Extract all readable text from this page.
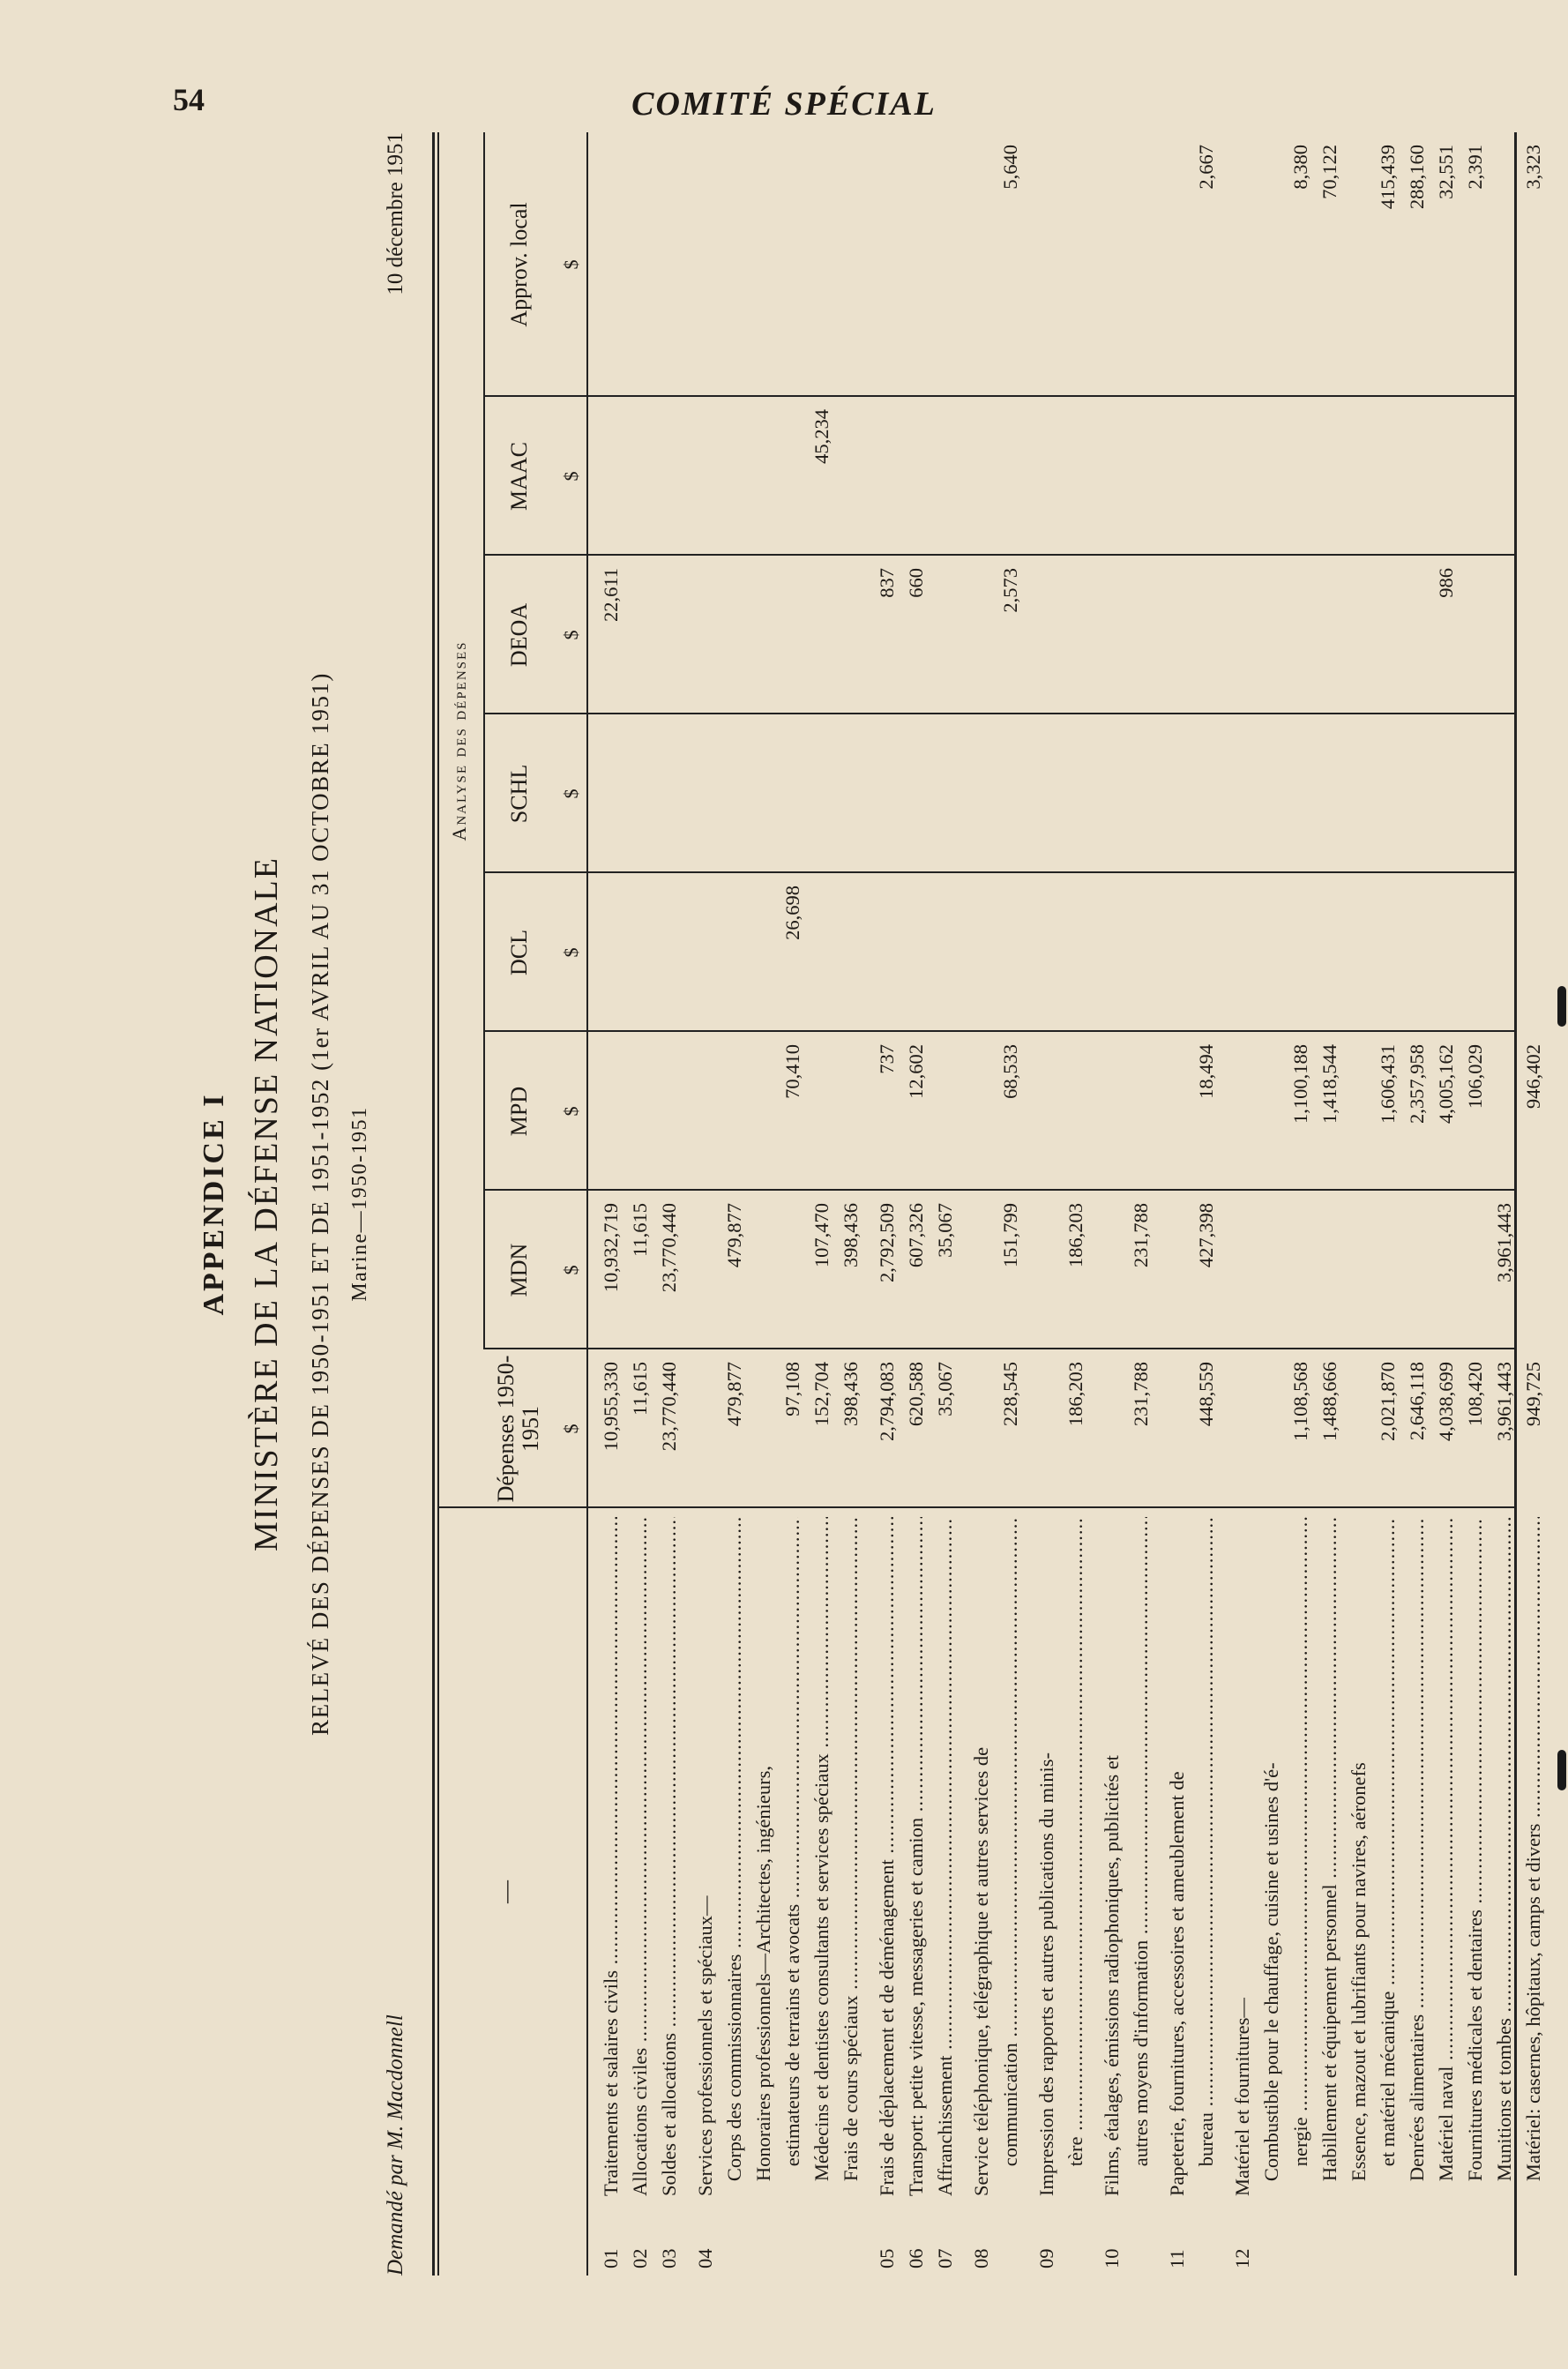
54	COMITÉ SPÉCIAL
APPENDICE I MINISTÈRE DE LA DÉFENSE NATIONALE RELEVÉ DES DÉPENSES DE 1950-1951 ET DE 1951-1952 (1er AVRIL AU 31 OCTOBRE 1951) Marine—1950-1951
Demandé par M. Macdonnell
10 décembre 1951
Analyse des dépenses
—
Dépenses 1950-1951 $
MDN $
MPD $
DCL $
SCHL $
DEOA $
MAAC $
Approv. local $
01
Traitements et salaires civils .....
10,955,330
10,932,719
22,611
02
Allocations civiles .....
11,615
11,615
03
Soldes et allocations .....
23,770,440
23,770,440
04
Services professionnels et spéciaux— Corps des commissionnaires .....
479,877
479,877
Honoraires professionnels—Architectes, ingénieurs, estimateurs de terrains et avocats .....
97,108
70,410
26,698
Médecins et dentistes consultants et services spéciaux .....
152,704
107,470
45,234
Frais de cours spéciaux .....
398,436
398,436
05
Frais de déplacement et de déménagement .....
2,794,083
2,792,509
737
837
06
Transport: petite vitesse, messageries et camion .....
620,588
607,326
12,602
660
07
Affranchissement .....
35,067
35,067
08
Service téléphonique, télégraphique et autres services de communication .....
228,545
151,799
68,533
2,573
5,640
09
Impression des rapports et autres publications du minis- tère .....
186,203
186,203
10
Films, étalages, émissions radiophoniques, publicités et autres moyens d'information .....
231,788
231,788
11
Papeterie, fournitures, accessoires et ameublement de bureau .....
448,559
427,398
18,494
2,667
12
Matériel et fournitures— Combustible pour le chauffage, cuisine et usines d'é- nergie .....
1,108,568
1,100,188
8,380
Habillement et équipement personnel .....
1,488,666
1,418,544
70,122
Essence, mazout et lubrifiants pour navires, aéronefs et matériel mécanique .....
2,021,870
1,606,431
415,439
Denrées alimentaires .....
2,646,118
2,357,958
288,160
Matériel naval .....
4,038,699
4,005,162
986
32,551
Fournitures médicales et dentaires .....
108,420
106,029
2,391
Munitions et tombes .....
3,961,443
3,961,443
Matériel: casernes, hôpitaux, camps et divers .....
949,725
946,402
3,323
